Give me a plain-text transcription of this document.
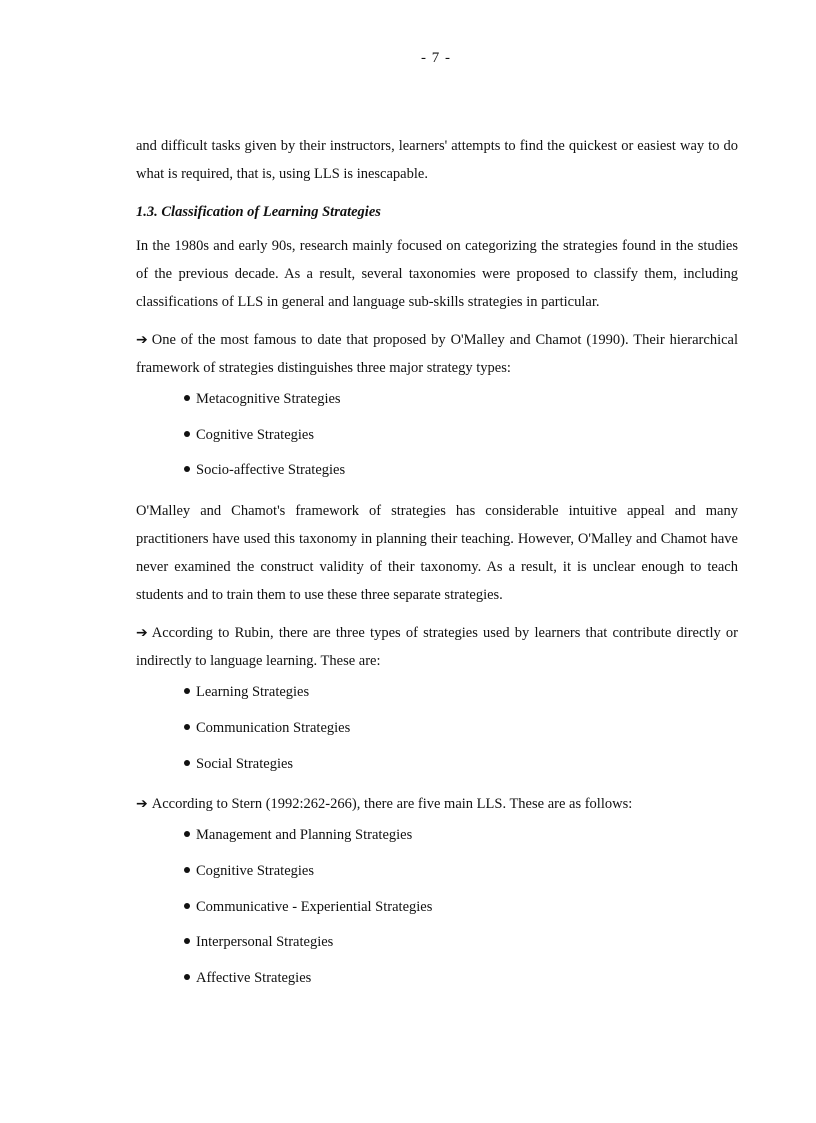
- 7 -

and difficult tasks given by their instructors, learners' attempts to find the quickest or easiest way to do what is required, that is, using LLS is inescapable.

1.3. Classification of Learning Strategies

In the 1980s and early 90s, research mainly focused on categorizing the strategies found in the studies of the previous decade. As a result, several taxonomies were proposed to classify them, including classifications of LLS in general and language sub-skills strategies in particular.

➔ One of the most famous to date that proposed by O'Malley and Chamot (1990). Their hierarchical framework of strategies distinguishes three major strategy types:

Metacognitive Strategies
Cognitive Strategies
Socio-affective Strategies

O'Malley and Chamot's framework of strategies has considerable intuitive appeal and many practitioners have used this taxonomy in planning their teaching. However, O'Malley and Chamot have never examined the construct validity of their taxonomy. As a result, it is unclear enough to teach students and to train them to use these three separate strategies.

➔ According to Rubin, there are three types of strategies used by learners that contribute directly or indirectly to language learning. These are:

Learning Strategies
Communication Strategies
Social Strategies

➔ According to Stern (1992:262-266), there are five main LLS. These are as follows:

Management and Planning Strategies
Cognitive Strategies
Communicative - Experiential Strategies
Interpersonal Strategies
Affective Strategies
